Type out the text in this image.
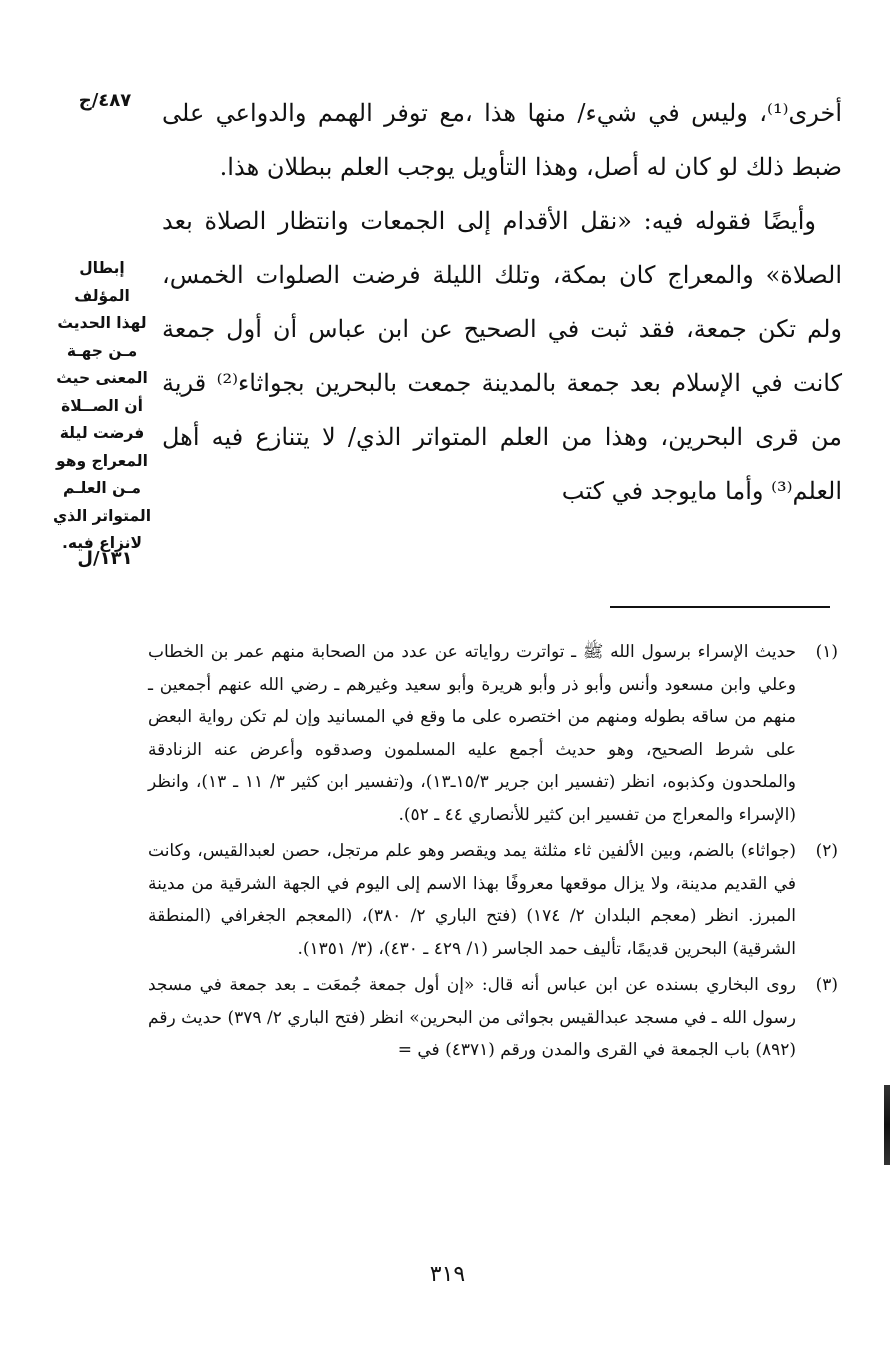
٤٨٧/ج
إبطال المؤلف
لهذا الحديث
مـن جهـة
المعنى حيث
أن الصــلاة
فرضت ليلة
المعراج وهو
مـن العلـم
المتواتر الذي
لانزاع فيه.
١٣١/ل

أخرى⁽¹⁾، وليس في شيء/ منها هذا ،مع توفر الهمم والدواعي على ضبط ذلك لو كان له أصل، وهذا التأويل يوجب العلم ببطلان هذا.

وأيضًا فقوله فيه: «نقل الأقدام إلى الجمعات وانتظار الصلاة بعد الصلاة» والمعراج كان بمكة، وتلك الليلة فرضت الصلوات الخمس، ولم تكن جمعة، فقد ثبت في الصحيح عن ابن عباس أن أول جمعة كانت في الإسلام بعد جمعة بالمدينة جمعت بالبحرين بجواثاء⁽²⁾ قرية من قرى البحرين، وهذا من العلم المتواتر الذي/ لا يتنازع فيه أهل العلم⁽³⁾ وأما مايوجد في كتب

(١)
حديث الإسراء برسول الله ﷺ ـ تواترت رواياته عن عدد من الصحابة منهم عمر بن الخطاب وعلي وابن مسعود وأنس وأبو ذر وأبو هريرة وأبو سعيد وغيرهم ـ رضي الله عنهم أجمعين ـ منهم من ساقه بطوله ومنهم من اختصره على ما وقع في المسانيد وإن لم تكن رواية البعض على شرط الصحيح، وهو حديث أجمع عليه المسلمون وصدقوه وأعرض عنه الزنادقة والملحدون وكذبوه، انظر (تفسير ابن جرير ١٥/٣ـ١٣)، و(تفسير ابن كثير ٣/ ١١ ـ ١٣)، وانظر (الإسراء والمعراج من تفسير ابن كثير للأنصاري ٤٤ ـ ٥٢).
(٢)
(جواثاء) بالضم، وبين الألفين ثاء مثلثة يمد ويقصر وهو علم مرتجل، حصن لعبدالقيس، وكانت في القديم مدينة، ولا يزال موقعها معروفًا بهذا الاسم إلى اليوم في الجهة الشرقية من مدينة المبرز. انظر (معجم البلدان ٢/ ١٧٤) (فتح الباري ٢/ ٣٨٠)، (المعجم الجغرافي (المنطقة الشرقية) البحرين قديمًا، تأليف حمد الجاسر (١/ ٤٢٩ ـ ٤٣٠)، (٣/ ١٣٥١).
(٣)
روى البخاري بسنده عن ابن عباس أنه قال: «إن أول جمعة جُمعَت ـ بعد جمعة في مسجد رسول الله ـ في مسجد عبدالقيس بجواثى من البحرين» انظر (فتح الباري ٢/ ٣٧٩) حديث رقم (٨٩٢) باب الجمعة في القرى والمدن ورقم (٤٣٧١) في =
٣١٩
